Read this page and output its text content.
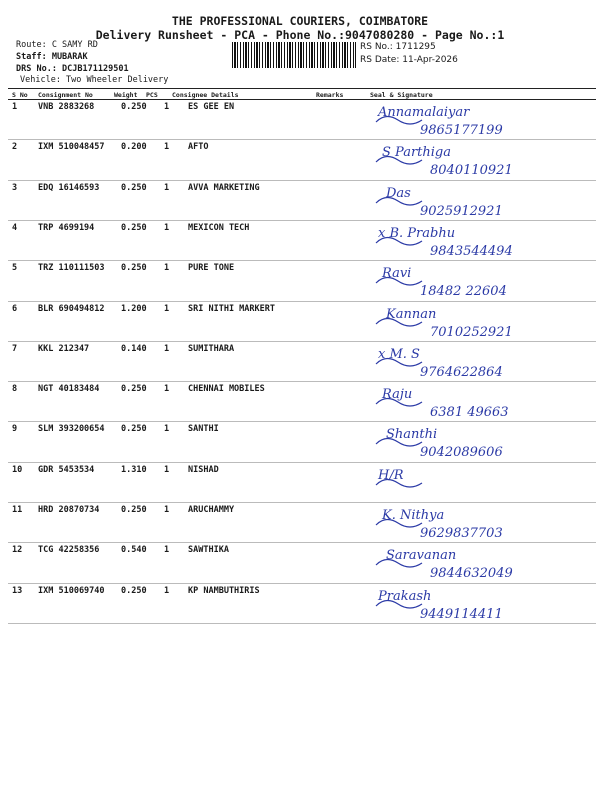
THE PROFESSIONAL COURIERS, COIMBATORE
Delivery Runsheet - PCA - Phone No.:9047080280 - Page No.:1
Route: C SAMY RD
Staff: MUBARAK
DRS No.: DCJB171129501
Vehicle: Two Wheeler Delivery
RS No.: 1711295
RS Date: 11-Apr-2026
S No Consignment No	Weight PCS Consignee Details	Remarks	Seal & Signature
1 VNB 2883268	0.250 1 ES GEE EN	Annamalaiyar
9865177199
2 IXM 510048457 0.200 1 AFTO	S Parthiga
8040110921
3 EDQ 16146593	0.250 1 AVVA MARKETING	Das
9025912921
4 TRP 4699194	0.250 1 MEXICON TECH	x B. Prabhu
9843544494
5 TRZ 110111503 0.250 1 PURE TONE	Ravi
18482 22604
6 BLR 690494812 1.200 1 SRI NITHI MARKERT	Kannan
7010252921
7 KKL 212347	0.140 1 SUMITHARA	x M. S
9764622864
8 NGT 40183484	0.250 1 CHENNAI MOBILES	Raju
6381 49663
9 SLM 393200654 0.250 1 SANTHI	Shanthi
9042089606
10 GDR 5453534	1.310 1 NISHAD	H/R
11 HRD 20870734	0.250 1 ARUCHAMMY	K. Nithya
9629837703
12 TCG 42258356	0.540 1 SAWTHIKA	Saravanan
9844632049
13 IXM 510069740 0.250 1 KP NAMBUTHIRIS	Prakash
9449114411
